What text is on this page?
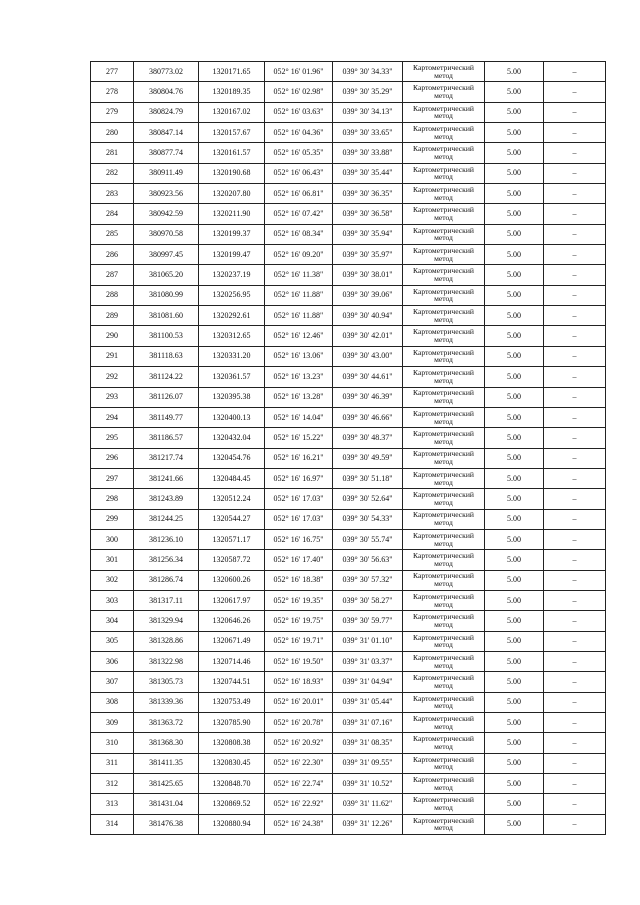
277	380773.02	1320171.65	052° 16' 01.96"	039° 30' 34.33"	Картометрический метод	5.00	–
278	380804.76	1320189.35	052° 16' 02.98"	039° 30' 35.29"	Картометрический метод	5.00	–
279	380824.79	1320167.02	052° 16' 03.63"	039° 30' 34.13"	Картометрический метод	5.00	–
280	380847.14	1320157.67	052° 16' 04.36"	039° 30' 33.65"	Картометрический метод	5.00	–
281	380877.74	1320161.57	052° 16' 05.35"	039° 30' 33.88"	Картометрический метод	5.00	–
282	380911.49	1320190.68	052° 16' 06.43"	039° 30' 35.44"	Картометрический метод	5.00	–
283	380923.56	1320207.80	052° 16' 06.81"	039° 30' 36.35"	Картометрический метод	5.00	–
284	380942.59	1320211.90	052° 16' 07.42"	039° 30' 36.58"	Картометрический метод	5.00	–
285	380970.58	1320199.37	052° 16' 08.34"	039° 30' 35.94"	Картометрический метод	5.00	–
286	380997.45	1320199.47	052° 16' 09.20"	039° 30' 35.97"	Картометрический метод	5.00	–
287	381065.20	1320237.19	052° 16' 11.38"	039° 30' 38.01"	Картометрический метод	5.00	–
288	381080.99	1320256.95	052° 16' 11.88"	039° 30' 39.06"	Картометрический метод	5.00	–
289	381081.60	1320292.61	052° 16' 11.88"	039° 30' 40.94"	Картометрический метод	5.00	–
290	381100.53	1320312.65	052° 16' 12.46"	039° 30' 42.01"	Картометрический метод	5.00	–
291	381118.63	1320331.20	052° 16' 13.06"	039° 30' 43.00"	Картометрический метод	5.00	–
292	381124.22	1320361.57	052° 16' 13.23"	039° 30' 44.61"	Картометрический метод	5.00	–
293	381126.07	1320395.38	052° 16' 13.28"	039° 30' 46.39"	Картометрический метод	5.00	–
294	381149.77	1320400.13	052° 16' 14.04"	039° 30' 46.66"	Картометрический метод	5.00	–
295	381186.57	1320432.04	052° 16' 15.22"	039° 30' 48.37"	Картометрический метод	5.00	–
296	381217.74	1320454.76	052° 16' 16.21"	039° 30' 49.59"	Картометрический метод	5.00	–
297	381241.66	1320484.45	052° 16' 16.97"	039° 30' 51.18"	Картометрический метод	5.00	–
298	381243.89	1320512.24	052° 16' 17.03"	039° 30' 52.64"	Картометрический метод	5.00	–
299	381244.25	1320544.27	052° 16' 17.03"	039° 30' 54.33"	Картометрический метод	5.00	–
300	381236.10	1320571.17	052° 16' 16.75"	039° 30' 55.74"	Картометрический метод	5.00	–
301	381256.34	1320587.72	052° 16' 17.40"	039° 30' 56.63"	Картометрический метод	5.00	–
302	381286.74	1320600.26	052° 16' 18.38"	039° 30' 57.32"	Картометрический метод	5.00	–
303	381317.11	1320617.97	052° 16' 19.35"	039° 30' 58.27"	Картометрический метод	5.00	–
304	381329.94	1320646.26	052° 16' 19.75"	039° 30' 59.77"	Картометрический метод	5.00	–
305	381328.86	1320671.49	052° 16' 19.71"	039° 31' 01.10"	Картометрический метод	5.00	–
306	381322.98	1320714.46	052° 16' 19.50"	039° 31' 03.37"	Картометрический метод	5.00	–
307	381305.73	1320744.51	052° 16' 18.93"	039° 31' 04.94"	Картометрический метод	5.00	–
308	381339.36	1320753.49	052° 16' 20.01"	039° 31' 05.44"	Картометрический метод	5.00	–
309	381363.72	1320785.90	052° 16' 20.78"	039° 31' 07.16"	Картометрический метод	5.00	–
310	381368.30	1320808.38	052° 16' 20.92"	039° 31' 08.35"	Картометрический метод	5.00	–
311	381411.35	1320830.45	052° 16' 22.30"	039° 31' 09.55"	Картометрический метод	5.00	–
312	381425.65	1320848.70	052° 16' 22.74"	039° 31' 10.52"	Картометрический метод	5.00	–
313	381431.04	1320869.52	052° 16' 22.92"	039° 31' 11.62"	Картометрический метод	5.00	–
314	381476.38	1320880.94	052° 16' 24.38"	039° 31' 12.26"	Картометрический метод	5.00	–
